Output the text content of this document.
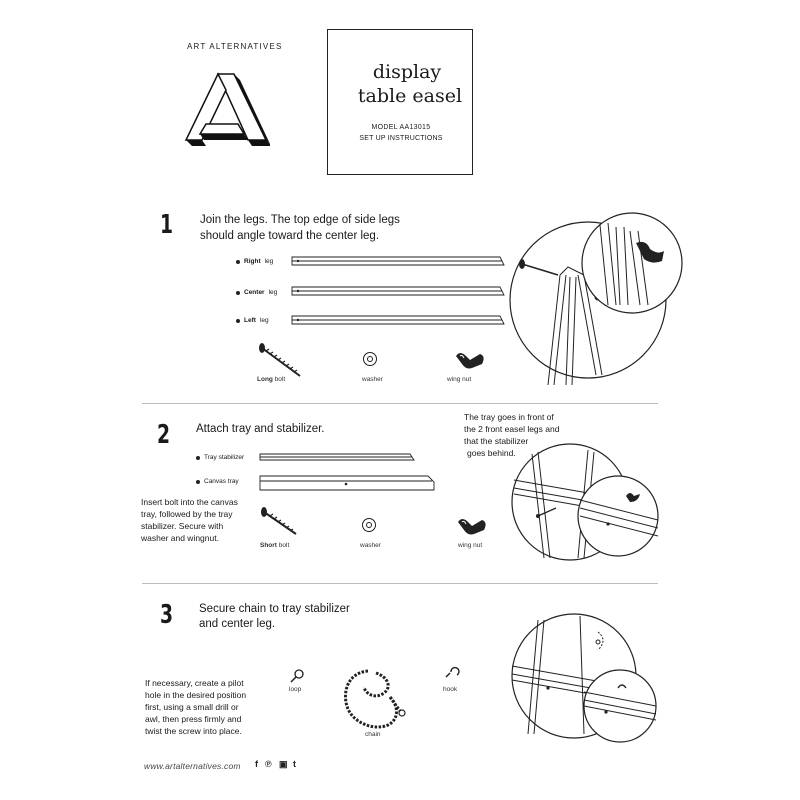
ART ALTERNATIVES
display
table easel
MODEL AA13015
SET UP INSTRUCTIONS
1 Join the legs. The top edge of side legs
should angle toward the center leg.
Right leg
Center leg
Left leg
Long bolt	washer	wing nut
2 Attach tray and stabilizer.
Tray stabilizer
Canvas tray
The tray goes in front of
the 2 front easel legs and
that the stabilizer
goes behind.
Insert bolt into the canvas
tray, followed by the tray
stabilizer. Secure with
washer and wingnut.
Short bolt	washer	wing nut
3 Secure chain to tray stabilizer
and center leg.
If necessary, create a pilot
hole in the desired position
first, using a small drill or
awl, then press firmly and
twist the screw into place.
loop
chain
hook
www.artalternatives.com f ℗ ▣ t
